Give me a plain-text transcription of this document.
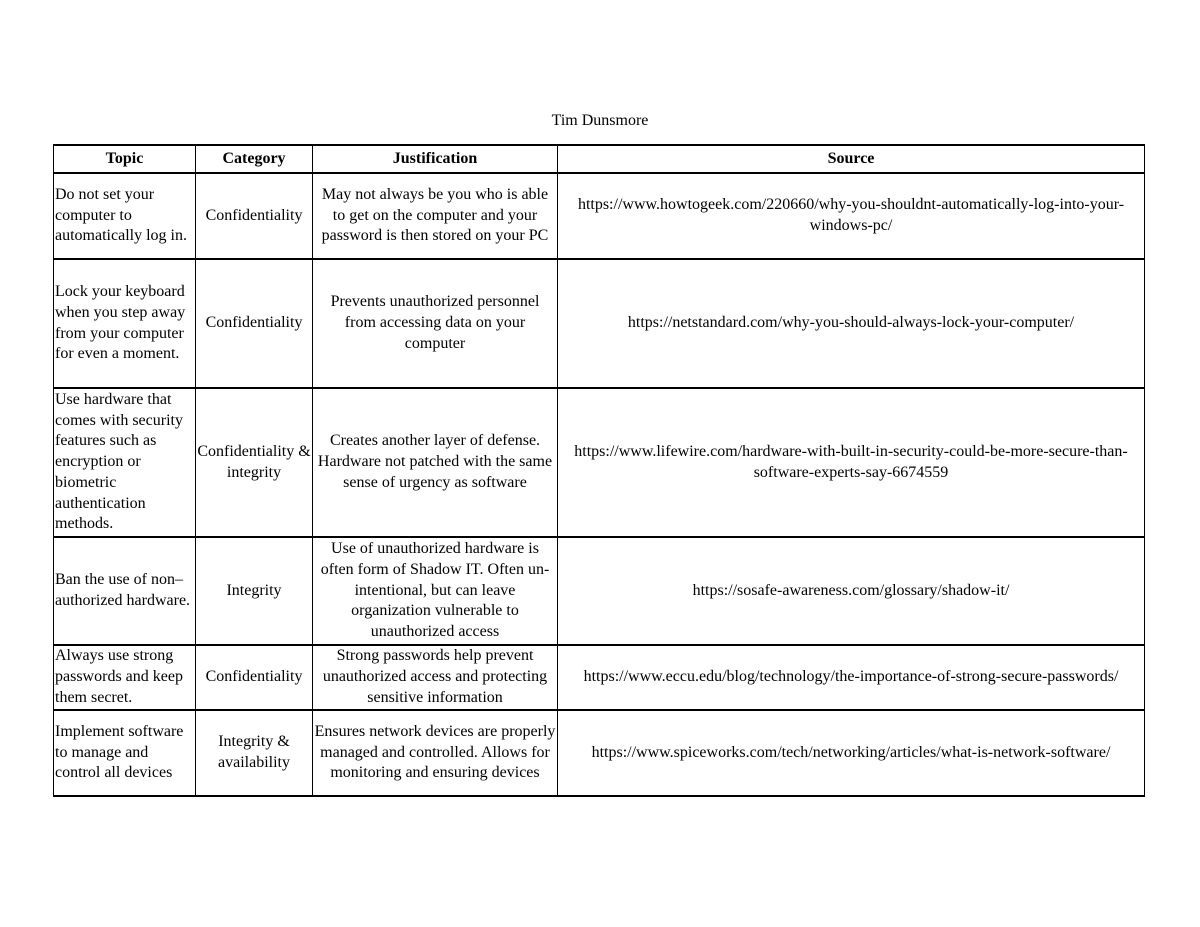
Tim Dunsmore
Topic	Category	Justification	Source
Do not set your computer to automatically log in.	Confidentiality	May not always be you who is able to get on the computer and your password is then stored on your PC	https://www.howtogeek.com/220660/why-you-shouldnt-automatically-log-into-your-windows-pc/
Lock your keyboard when you step away from your computer for even a moment.	Confidentiality	Prevents unauthorized personnel from accessing data on your computer	https://netstandard.com/why-you-should-always-lock-your-computer/
Use hardware that comes with security features such as encryption or biometric authentication methods.	Confidentiality & integrity	Creates another layer of defense. Hardware not patched with the same sense of urgency as software	https://www.lifewire.com/hardware-with-built-in-security-could-be-more-secure-than-software-experts-say-6674559
Ban the use of non–authorized hardware.	Integrity	Use of unauthorized hardware is often form of Shadow IT. Often un-intentional, but can leave organization vulnerable to unauthorized access	https://sosafe-awareness.com/glossary/shadow-it/
Always use strong passwords and keep them secret.	Confidentiality	Strong passwords help prevent unauthorized access and protecting sensitive information	https://www.eccu.edu/blog/technology/the-importance-of-strong-secure-passwords/
Implement software to manage and control all devices	Integrity & availability	Ensures network devices are properly managed and controlled. Allows for monitoring and ensuring devices	https://www.spiceworks.com/tech/networking/articles/what-is-network-software/
